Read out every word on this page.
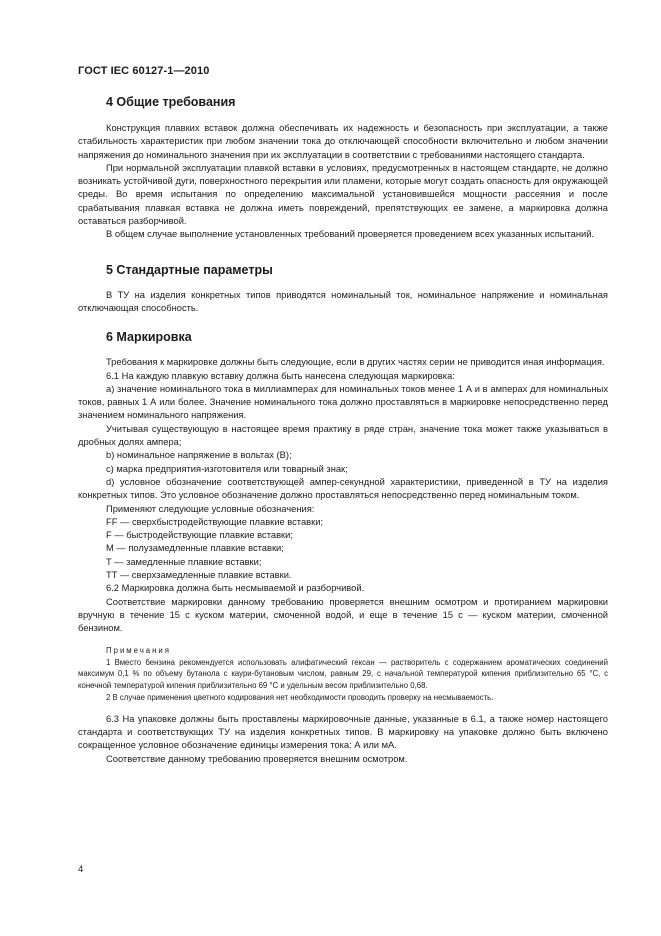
ГОСТ IEC 60127-1—2010
4 Общие требования

Конструкция плавких вставок должна обеспечивать их надежность и безопасность при эксплуатации, а также стабильность характеристик при любом значении тока до отключающей способности включительно и любом значении напряжения до номинального значения при их эксплуатации в соответствии с требованиями настоящего стандарта.

При нормальной эксплуатации плавкой вставки в условиях, предусмотренных в настоящем стандарте, не должно возникать устойчивой дуги, поверхностного перекрытия или пламени, которые могут создать опасность для окружающей среды. Во время испытания по определению максимальной установившейся мощности рассеяния и после срабатывания плавкая вставка не должна иметь повреждений, препятствующих ее замене, а маркировка должна оставаться разборчивой.

В общем случае выполнение установленных требований проверяется проведением всех указанных испытаний.

5 Стандартные параметры

В ТУ на изделия конкретных типов приводятся номинальный ток, номинальное напряжение и номинальная отключающая способность.

6 Маркировка

Требования к маркировке должны быть следующие, если в других частях серии не приводится иная информация.

6.1 На каждую плавкую вставку должна быть нанесена следующая маркировка:

a) значение номинального тока в миллиамперах для номинальных токов менее 1 А и в амперах для номинальных токов, равных 1 А или более. Значение номинального тока должно проставляться в маркировке непосредственно перед значением номинального напряжения.

Учитывая существующую в настоящее время практику в ряде стран, значение тока может также указываться в дробных долях ампера;

b) номинальное напряжение в вольтах (В);

c) марка предприятия-изготовителя или товарный знак;

d) условное обозначение соответствующей ампер-секундной характеристики, приведенной в ТУ на изделия конкретных типов. Это условное обозначение должно проставляться непосредственно перед номинальным током.

Применяют следующие условные обозначения:

FF — сверхбыстродействующие плавкие вставки;

F — быстродействующие плавкие вставки;

M — полузамедленные плавкие вставки;

T — замедленные плавкие вставки;

TT — сверхзамедленные плавкие вставки.

6.2 Маркировка должна быть несмываемой и разборчивой.

Соответствие маркировки данному требованию проверяется внешним осмотром и протиранием маркировки вручную в течение 15 с куском материи, смоченной водой, и еще в течение 15 с — куском материи, смоченной бензином.

Примечания

1 Вместо бензина рекомендуется использовать алифатический гексан — растворитель с содержанием ароматических соединений максимум 0,1 % по объему бутанола с каури-бутановым числом, равным 29, с начальной температурой кипения приблизительно 65 °C, с конечной температурой кипения приблизительно 69 °C и удельным весом приблизительно 0,68.

2 В случае применения цветного кодирования нет необходимости проводить проверку на несмываемость.

6.3 На упаковке должны быть проставлены маркировочные данные, указанные в 6.1, а также номер настоящего стандарта и соответствующих ТУ на изделия конкретных типов. В маркировку на упаковке должно быть включено сокращенное условное обозначение единицы измерения тока: А или мА.

Соответствие данному требованию проверяется внешним осмотром.

4
